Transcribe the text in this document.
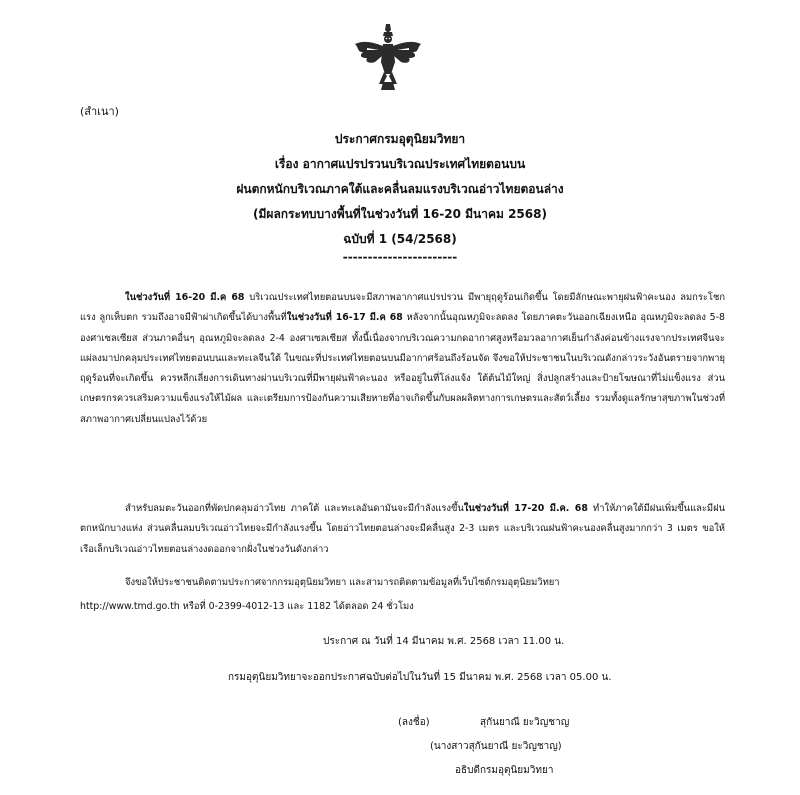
(สำเนา)
ประกาศกรมอุตุนิยมวิทยา
เรื่อง อากาศแปรปรวนบริเวณประเทศไทยตอนบน
ฝนตกหนักบริเวณภาคใต้และคลื่นลมแรงบริเวณอ่าวไทยตอนล่าง
(มีผลกระทบบางพื้นที่ในช่วงวันที่ 16-20 มีนาคม 2568)
ฉบับที่ 1 (54/2568)
-----------------------
ในช่วงวันที่ 16-20 มี.ค 68 บริเวณประเทศไทยตอนบนจะมีสภาพอากาศแปรปรวน มีพายุฤดูร้อนเกิดขึ้น โดยมีลักษณะพายุฝนฟ้าคะนอง ลมกระโชกแรง ลูกเห็บตก รวมถึงอาจมีฟ้าผ่าเกิดขึ้นได้บางพื้นที่ในช่วงวันที่ 16-17 มี.ค 68 หลังจากนั้นอุณหภูมิจะลดลง โดยภาคตะวันออกเฉียงเหนือ อุณหภูมิจะลดลง 5-8 องศาเซลเซียส ส่วนภาคอื่นๆ อุณหภูมิจะลดลง 2-4 องศาเซลเซียส ทั้งนี้เนื่องจากบริเวณความกดอากาศสูงหรือมวลอากาศเย็นกำลังค่อนข้างแรงจากประเทศจีนจะแผ่ลงมาปกคลุมประเทศไทยตอนบนและทะเลจีนใต้ ในขณะที่ประเทศไทยตอนบนมีอากาศร้อนถึงร้อนจัด จึงขอให้ประชาชนในบริเวณดังกล่าวระวังอันตรายจากพายุฤดูร้อนที่จะเกิดขึ้น ควรหลีกเลี่ยงการเดินทางผ่านบริเวณที่มีพายุฝนฟ้าคะนอง หรืออยู่ในที่โล่งแจ้ง ใต้ต้นไม้ใหญ่ สิ่งปลูกสร้างและป้ายโฆษณาที่ไม่แข็งแรง ส่วนเกษตรกรควรเสริมความแข็งแรงให้ไม้ผล และเตรียมการป้องกันความเสียหายที่อาจเกิดขึ้นกับผลผลิตทางการเกษตรและสัตว์เลี้ยง รวมทั้งดูแลรักษาสุขภาพในช่วงที่สภาพอากาศเปลี่ยนแปลงไว้ด้วย
สำหรับลมตะวันออกที่พัดปกคลุมอ่าวไทย ภาคใต้ และทะเลอันดามันจะมีกำลังแรงขึ้นในช่วงวันที่ 17-20 มี.ค. 68 ทำให้ภาคใต้มีฝนเพิ่มขึ้นและมีฝนตกหนักบางแห่ง ส่วนคลื่นลมบริเวณอ่าวไทยจะมีกำลังแรงขึ้น โดยอ่าวไทยตอนล่างจะมีคลื่นสูง 2-3 เมตร และบริเวณฝนฟ้าคะนองคลื่นสูงมากกว่า 3 เมตร ขอให้เรือเล็กบริเวณอ่าวไทยตอนล่างงดออกจากฝั่งในช่วงวันดังกล่าว
จึงขอให้ประชาชนติดตามประกาศจากกรมอุตุนิยมวิทยา และสามารถติดตามข้อมูลที่เว็บไซต์กรมอุตุนิยมวิทยา
http://www.tmd.go.th หรือที่ 0-2399-4012-13 และ 1182 ได้ตลอด 24 ชั่วโมง
ประกาศ ณ วันที่ 14 มีนาคม พ.ศ. 2568 เวลา 11.00 น.
กรมอุตุนิยมวิทยาจะออกประกาศฉบับต่อไปในวันที่ 15 มีนาคม พ.ศ. 2568 เวลา 05.00 น.
(ลงชื่อ)	สุกันยาณี ยะวิญชาญ
(นางสาวสุกันยาณี ยะวิญชาญ)
อธิบดีกรมอุตุนิยมวิทยา
